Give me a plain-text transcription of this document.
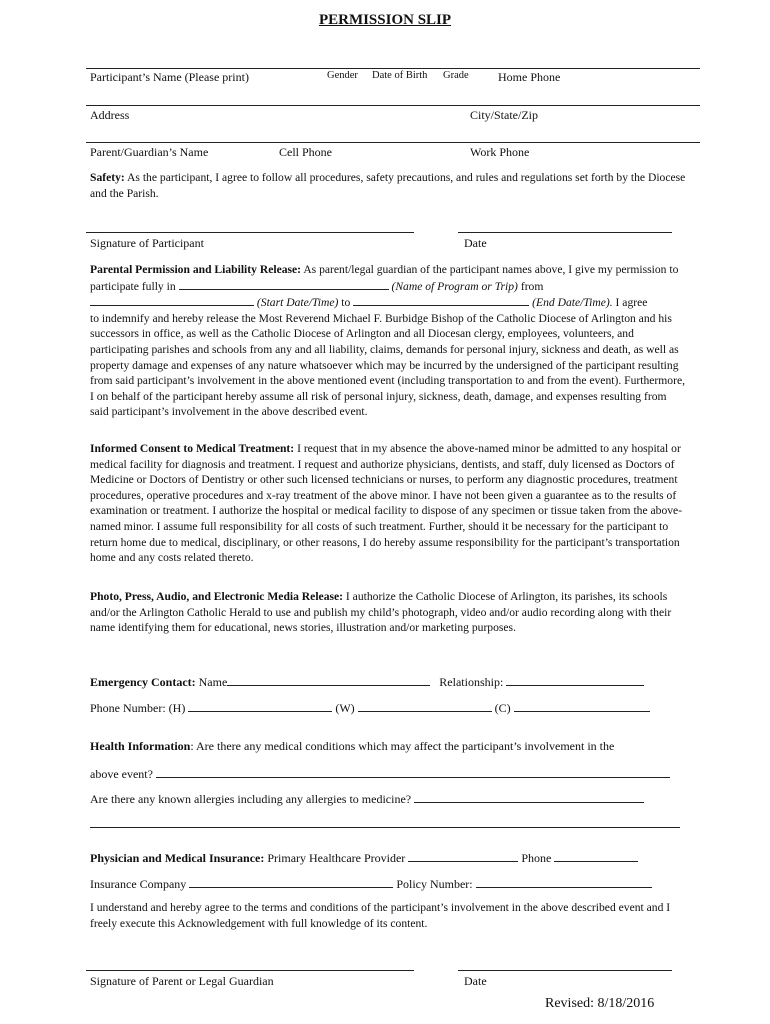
PERMISSION SLIP
Participant’s Name (Please print)	Gender Date of Birth Grade Home Phone
Address	City/State/Zip
Parent/Guardian’s Name	Cell Phone	Work Phone
Safety: As the participant, I agree to follow all procedures, safety precautions, and rules and regulations set forth by the Diocese and the Parish.
Signature of Participant	Date
Parental Permission and Liability Release: As parent/legal guardian of the participant names above, I give my permission to participate fully in	(Name of Program or Trip) from
(Start Date/Time) to	(End Date/Time). I agree
to indemnify and hereby release the Most Reverend Michael F. Burbidge Bishop of the Catholic Diocese of Arlington and his successors in office, as well as the Catholic Diocese of Arlington and all Diocesan clergy, employees, volunteers, and participating parishes and schools from any and all liability, claims, demands for personal injury, sickness and death, as well as property damage and expenses of any nature whatsoever which may be incurred by the undersigned of the participant resulting from said participant’s involvement in the above mentioned event (including transportation to and from the event). Furthermore, I on behalf of the participant hereby assume all risk of personal injury, sickness, death, damage, and expenses resulting from said participant’s involvement in the above described event.
Informed Consent to Medical Treatment: I request that in my absence the above-named minor be admitted to any hospital or medical facility for diagnosis and treatment. I request and authorize physicians, dentists, and staff, duly licensed as Doctors of Medicine or Doctors of Dentistry or other such licensed technicians or nurses, to perform any diagnostic procedures, treatment procedures, operative procedures and x-ray treatment of the above minor. I have not been given a guarantee as to the results of examination or treatment. I authorize the hospital or medical facility to dispose of any specimen or tissue taken from the above-named minor. I assume full responsibility for all costs of such treatment. Further, should it be necessary for the participant to return home due to medical, disciplinary, or other reasons, I do hereby assume responsibility for the participant’s transportation home and any costs related thereto.
Photo, Press, Audio, and Electronic Media Release: I authorize the Catholic Diocese of Arlington, its parishes, its schools and/or the Arlington Catholic Herald to use and publish my child’s photograph, video and/or audio recording along with their name identifying them for educational, news stories, illustration and/or marketing purposes.
Emergency Contact: Name	Relationship:
Phone Number: (H)	(W)	(C)
Health Information: Are there any medical conditions which may affect the participant’s involvement in the
above event?
Are there any known allergies including any allergies to medicine?
Physician and Medical Insurance: Primary Healthcare Provider	Phone
Insurance Company	Policy Number:
I understand and hereby agree to the terms and conditions of the participant’s involvement in the above described event and I freely execute this Acknowledgement with full knowledge of its content.
Signature of Parent or Legal Guardian	Date
Revised: 8/18/2016
